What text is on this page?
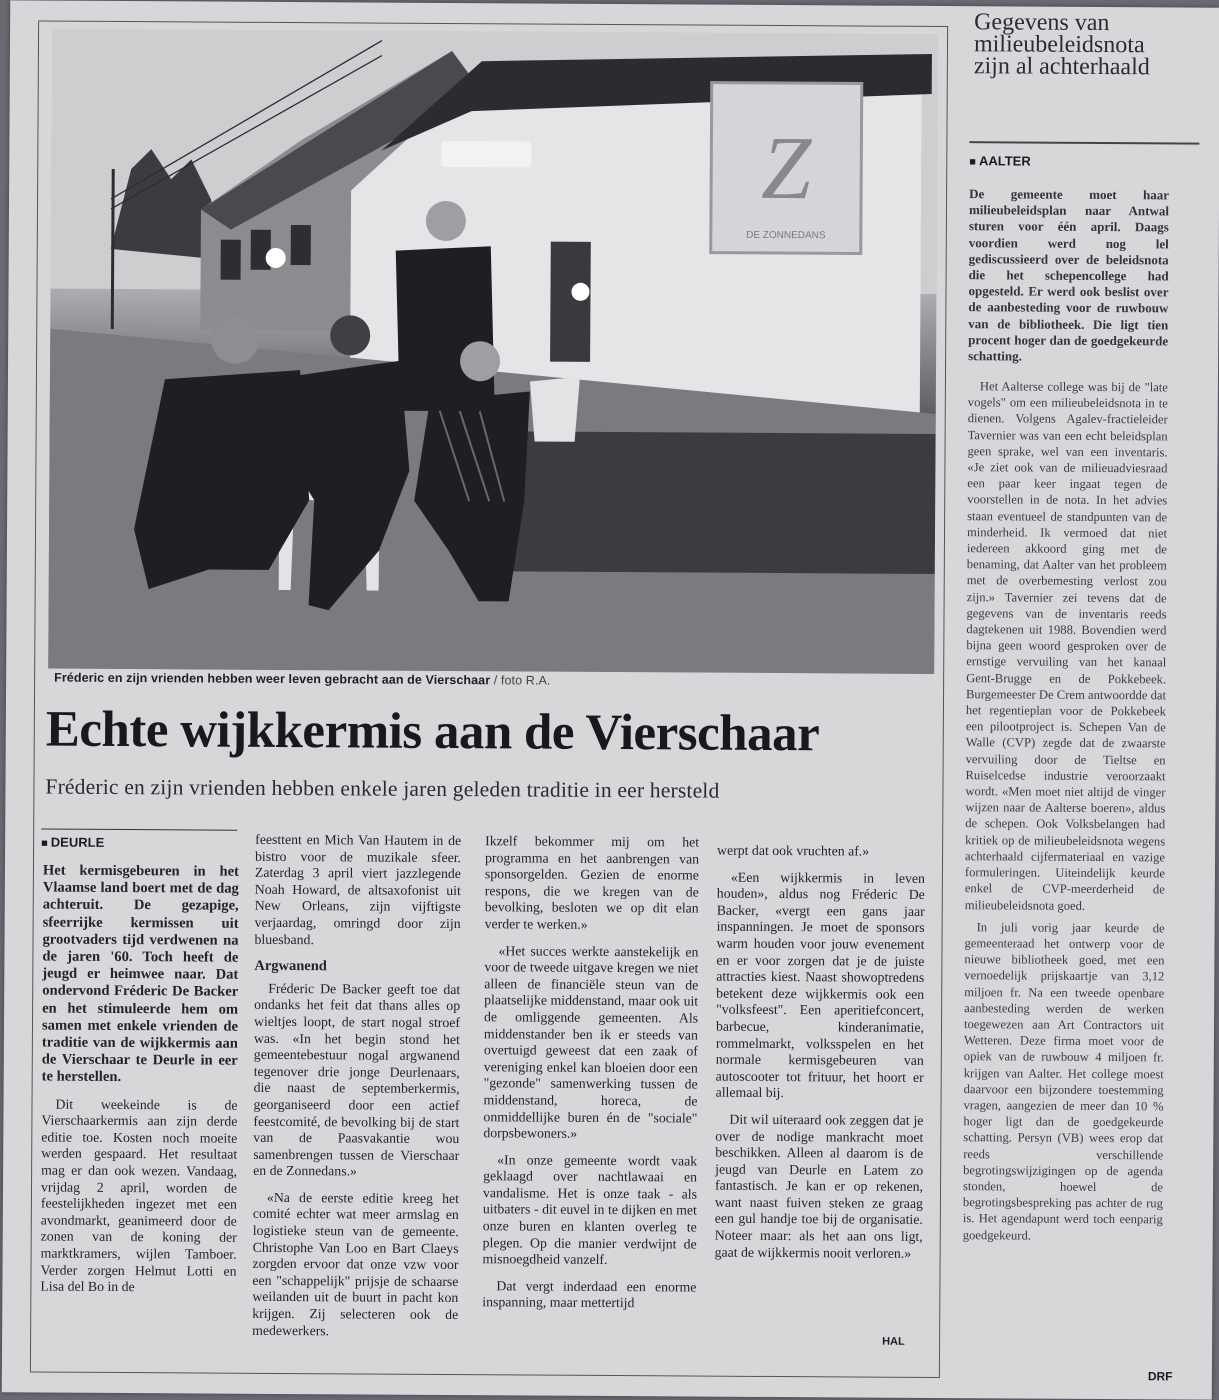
Z
DE ZONNEDANS
Fréderic en zijn vrienden hebben weer leven gebracht aan de Vierschaar / foto R.A.
Echte wijkkermis aan de Vierschaar
Fréderic en zijn vrienden hebben enkele jaren geleden traditie in eer hersteld
■ DEURLE

Het kermisgebeuren in het Vlaamse land boert met de dag achteruit. De gezapige, sfeerrijke kermissen uit grootvaders tijd verdwenen na de jaren '60. Toch heeft de jeugd er heimwee naar. Dat ondervond Fréderic De Backer en het stimuleerde hem om samen met enkele vrienden de traditie van de wijkkermis aan de Vierschaar te Deurle in eer te herstellen.

Dit weekeinde is de Vierschaarkermis aan zijn derde editie toe. Kosten noch moeite werden gespaard. Het resultaat mag er dan ook wezen. Vandaag, vrijdag 2 april, worden de feestelijkheden ingezet met een avondmarkt, geanimeerd door de zonen van de koning der marktkramers, wijlen Tamboer. Verder zorgen Helmut Lotti en Lisa del Bo in de

feesttent en Mich Van Hautem in de bistro voor de muzikale sfeer. Zaterdag 3 april viert jazzlegende Noah Howard, de altsaxofonist uit New Orleans, zijn vijftigste verjaardag, omringd door zijn bluesband.

Argwanend

Fréderic De Backer geeft toe dat ondanks het feit dat thans alles op wieltjes loopt, de start nogal stroef was. «In het begin stond het gemeentebestuur nogal argwanend tegenover drie jonge Deurlenaars, die naast de septemberkermis, georganiseerd door een actief feestcomité, de bevolking bij de start van de Paasvakantie wou samenbrengen tussen de Vierschaar en de Zonnedans.»

«Na de eerste editie kreeg het comité echter wat meer armslag en logistieke steun van de gemeente. Christophe Van Loo en Bart Claeys zorgden ervoor dat onze vzw voor een "schappelijk" prijsje de schaarse weilanden uit de buurt in pacht kon krijgen. Zij selecteren ook de medewerkers.

Ikzelf bekommer mij om het programma en het aanbrengen van sponsorgelden. Gezien de enorme respons, die we kregen van de bevolking, besloten we op dit elan verder te werken.»

«Het succes werkte aanstekelijk en voor de tweede uitgave kregen we niet alleen de financiële steun van de plaatselijke middenstand, maar ook uit de omliggende gemeenten. Als middenstander ben ik er steeds van overtuigd geweest dat een zaak of vereniging enkel kan bloeien door een "gezonde" samenwerking tussen de middenstand, horeca, de onmiddellijke buren én de "sociale" dorpsbewoners.»

«In onze gemeente wordt vaak geklaagd over nachtlawaai en vandalisme. Het is onze taak - als uitbaters - dit euvel in te dijken en met onze buren en klanten overleg te plegen. Op die manier verdwijnt de misnoegdheid vanzelf.

Dat vergt inderdaad een enorme inspanning, maar mettertijd

werpt dat ook vruchten af.»

«Een wijkkermis in leven houden», aldus nog Fréderic De Backer, «vergt een gans jaar inspanningen. Je moet de sponsors warm houden voor jouw evenement en er voor zorgen dat je de juiste attracties kiest. Naast showoptredens betekent deze wijkkermis ook een "volksfeest". Een aperitiefconcert, barbecue, kinderanimatie, rommelmarkt, volksspelen en het normale kermisgebeuren van autoscooter tot frituur, het hoort er allemaal bij.

Dit wil uiteraard ook zeggen dat je over de nodige mankracht moet beschikken. Alleen al daarom is de jeugd van Deurle en Latem zo fantastisch. Je kan er op rekenen, want naast fuiven steken ze graag een gul handje toe bij de organisatie. Noteer maar: als het aan ons ligt, gaat de wijkkermis nooit verloren.»

HAL
Gegevens van milieubeleidsnota zijn al achterhaald
■ AALTER
De gemeente moet haar milieubeleidsplan naar Antwal sturen voor één april. Daags voordien werd nog lel gediscussieerd over de beleidsnota die het schepencollege had opgesteld. Er werd ook beslist over de aanbesteding voor de ruwbouw van de bibliotheek. Die ligt tien procent hoger dan de goedgekeurde schatting.

Het Aalterse college was bij de "late vogels" om een milieubeleidsnota in te dienen. Volgens Agalev-fractieleider Tavernier was van een echt beleidsplan geen sprake, wel van een inventaris. «Je ziet ook van de milieuadviesraad een paar keer ingaat tegen de voorstellen in de nota. In het advies staan eventueel de standpunten van de minderheid. Ik vermoed dat niet iedereen akkoord ging met de benaming, dat Aalter van het probleem met de overbemesting verlost zou zijn.» Tavernier zei tevens dat de gegevens van de inventaris reeds dagtekenen uit 1988. Bovendien werd bijna geen woord gesproken over de ernstige vervuiling van het kanaal Gent-Brugge en de Pokkebeek. Burgemeester De Crem antwoordde dat het regentieplan voor de Pokkebeek een pilootproject is. Schepen Van de Walle (CVP) zegde dat de zwaarste vervuiling door de Tieltse en Ruiselcedse industrie veroorzaakt wordt. «Men moet niet altijd de vinger wijzen naar de Aalterse boeren», aldus de schepen. Ook Volksbelangen had kritiek op de milieubeleidsnota wegens achterhaald cijfermateriaal en vazige formuleringen. Uiteindelijk keurde enkel de CVP-meerderheid de milieubeleidsnota goed.

In juli vorig jaar keurde de gemeenteraad het ontwerp voor de nieuwe bibliotheek goed, met een vernoedelijk prijskaartje van 3,12 miljoen fr. Na een tweede openbare aanbesteding werden de werken toegewezen aan Art Contractors uit Wetteren. Deze firma moet voor de opiek van de ruwbouw 4 miljoen fr. krijgen van Aalter. Het college moest daarvoor een bijzondere toestemming vragen, aangezien de meer dan 10 % hoger ligt dan de goedgekeurde schatting. Persyn (VB) wees erop dat reeds verschillende begrotingswijzigingen op de agenda stonden, hoewel de begrotingsbespreking pas achter de rug is. Het agendapunt werd toch eenparig goedgekeurd.

DRF
